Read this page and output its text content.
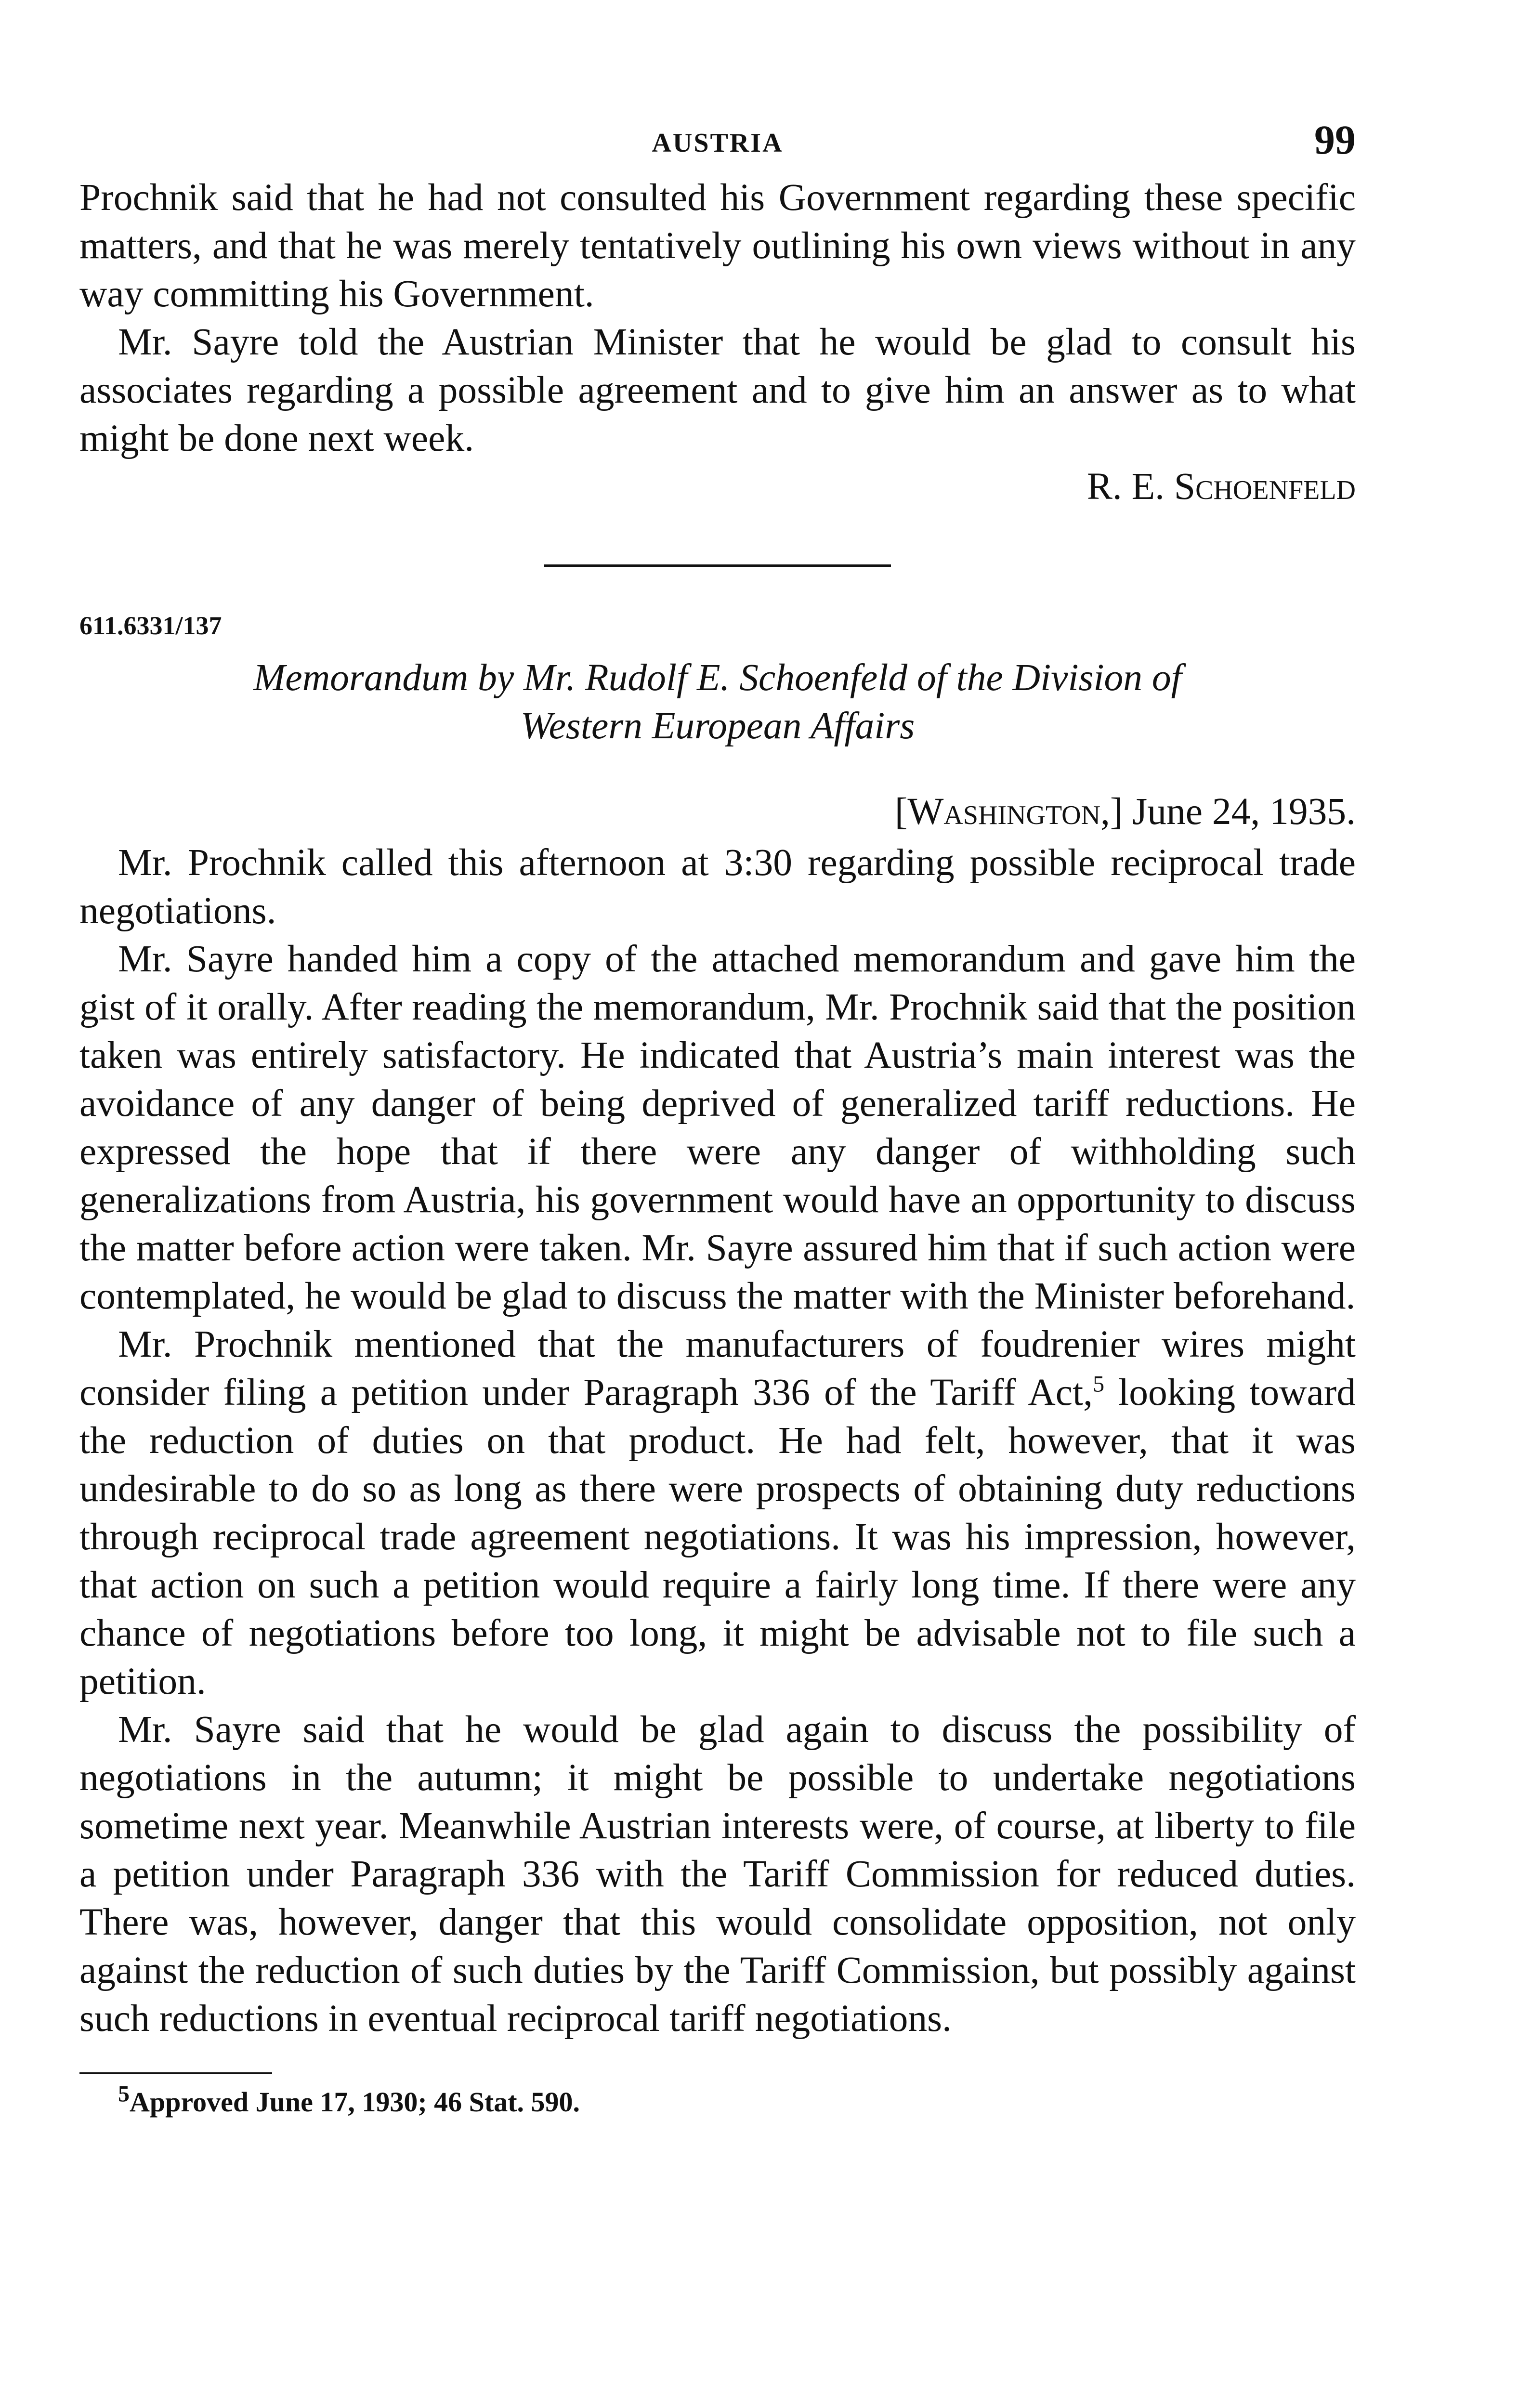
AUSTRIA	99

Prochnik said that he had not consulted his Government regarding these specific matters, and that he was merely tentatively outlining his own views without in any way committing his Government.

Mr. Sayre told the Austrian Minister that he would be glad to consult his associates regarding a possible agreement and to give him an answer as to what might be done next week.

R. E. Schoenfeld
611.6331/137
Memorandum by Mr. Rudolf E. Schoenfeld of the Division of
Western European Affairs
[Washington,] June 24, 1935.

Mr. Prochnik called this afternoon at 3:30 regarding possible reciprocal trade negotiations.

Mr. Sayre handed him a copy of the attached memorandum and gave him the gist of it orally. After reading the memorandum, Mr. Prochnik said that the position taken was entirely satisfactory. He indicated that Austria’s main interest was the avoidance of any danger of being deprived of generalized tariff reductions. He expressed the hope that if there were any danger of withholding such generalizations from Austria, his government would have an opportunity to discuss the matter before action were taken. Mr. Sayre assured him that if such action were contemplated, he would be glad to discuss the matter with the Minister beforehand.

Mr. Prochnik mentioned that the manufacturers of foudrenier wires might consider filing a petition under Paragraph 336 of the Tariff Act,$^5$ looking toward the reduction of duties on that product. He had felt, however, that it was undesirable to do so as long as there were prospects of obtaining duty reductions through reciprocal trade agreement negotiations. It was his impression, however, that action on such a petition would require a fairly long time. If there were any chance of negotiations before too long, it might be advisable not to file such a petition.

Mr. Sayre said that he would be glad again to discuss the possibility of negotiations in the autumn; it might be possible to undertake negotiations sometime next year. Meanwhile Austrian interests were, of course, at liberty to file a petition under Paragraph 336 with the Tariff Commission for reduced duties. There was, however, danger that this would consolidate opposition, not only against the reduction of such duties by the Tariff Commission, but possibly against such reductions in eventual reciprocal tariff negotiations.

$^5$Approved June 17, 1930; 46 Stat. 590.
